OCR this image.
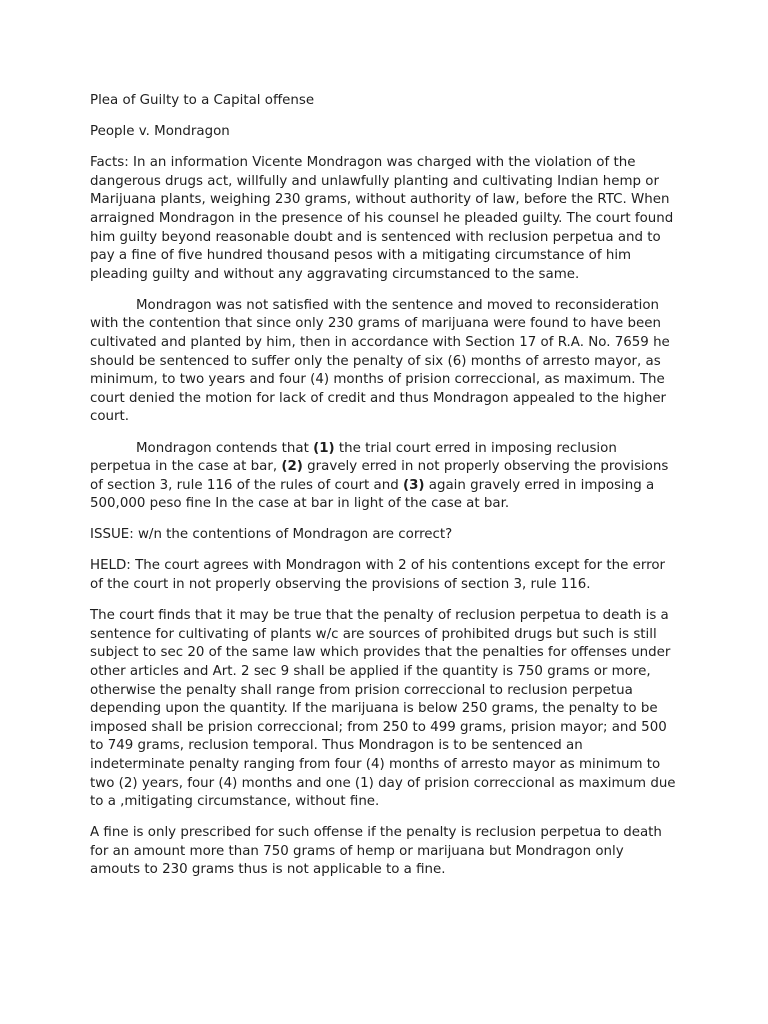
Plea of Guilty to a Capital offense

People v. Mondragon

Facts: In an information Vicente Mondragon was charged with the violation of the dangerous drugs act, willfully and unlawfully planting and cultivating Indian hemp or Marijuana plants, weighing 230 grams, without authority of law, before the RTC. When arraigned Mondragon in the presence of his counsel he pleaded guilty. The court found him guilty beyond reasonable doubt and is sentenced with reclusion perpetua and to pay a fine of five hundred thousand pesos with a mitigating circumstance of him pleading guilty and without any aggravating circumstanced to the same.

Mondragon was not satisfied with the sentence and moved to reconsideration with the contention that since only 230 grams of marijuana were found to have been cultivated and planted by him, then in accordance with Section 17 of R.A. No. 7659 he should be sentenced to suffer only the penalty of six (6) months of arresto mayor, as minimum, to two years and four (4) months of prision correccional, as maximum. The court denied the motion for lack of credit and thus Mondragon appealed to the higher court.

Mondragon contends that (1) the trial court erred in imposing reclusion perpetua in the case at bar, (2) gravely erred in not properly observing the provisions of section 3, rule 116 of the rules of court and (3) again gravely erred in imposing a 500,000 peso fine In the case at bar in light of the case at bar.

ISSUE: w/n the contentions of Mondragon are correct?

HELD: The court agrees with Mondragon with 2 of his contentions except for the error of the court in not properly observing the provisions of section 3, rule 116.

The court finds that it may be true that the penalty of reclusion perpetua to death is a sentence for cultivating of plants w/c are sources of prohibited drugs but such is still subject to sec 20 of the same law which provides that the penalties for offenses under other articles and Art. 2 sec 9 shall be applied if the quantity is 750 grams or more, otherwise the penalty shall range from prision correccional to reclusion perpetua depending upon the quantity. If the marijuana is below 250 grams, the penalty to be imposed shall be prision correccional; from 250 to 499 grams, prision mayor; and 500 to 749 grams, reclusion temporal. Thus Mondragon is to be sentenced an indeterminate penalty ranging from four (4) months of arresto mayor as minimum to two (2) years, four (4) months and one (1) day of prision correccional as maximum due to a ,mitigating circumstance, without fine.

A fine is only prescribed for such offense if the penalty is reclusion perpetua to death for an amount more than 750 grams of hemp or marijuana but Mondragon only amouts to 230 grams thus is not applicable to a fine.
